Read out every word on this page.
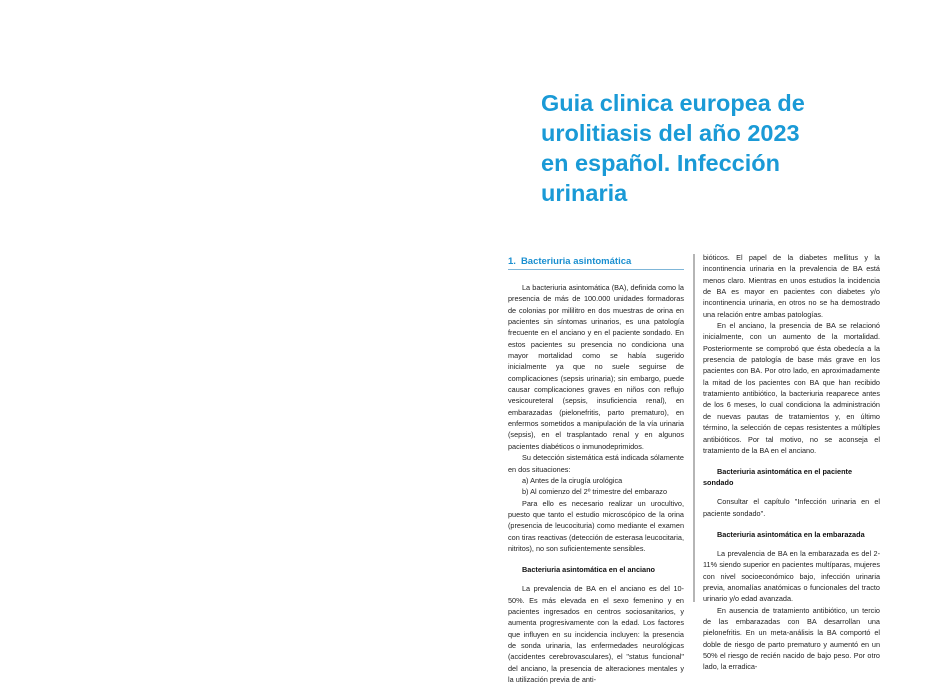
Guia clinica europea de
urolitiasis del año 2023
en español. Infección
urinaria
1. Bacteriuria asintomática

La bacteriuria asintomática (BA), definida como la presencia de más de 100.000 unidades formadoras de colonias por mililitro en dos muestras de orina en pacientes sin síntomas urinarios, es una patología frecuente en el anciano y en el paciente sondado. En estos pacientes su presencia no condiciona una mayor mortalidad como se había sugerido inicialmente ya que no suele seguirse de complicaciones (sepsis urinaria); sin embargo, puede causar complicaciones graves en niños con reflujo vesicoureteral (sepsis, insuficiencia renal), en embarazadas (pielonefritis, parto prematuro), en enfermos sometidos a manipulación de la vía urinaria (sepsis), en el trasplantado renal y en algunos pacientes diabéticos o inmunodeprimidos.

Su detección sistemática está indicada sólamente en dos situaciones:

a) Antes de la cirugía urológica

b) Al comienzo del 2º trimestre del embarazo

Para ello es necesario realizar un urocultivo, puesto que tanto el estudio microscópico de la orina (presencia de leucocituria) como mediante el examen con tiras reactivas (detección de esterasa leucocitaria, nitritos), no son suficientemente sensibles.

Bacteriuria asintomática en el anciano

La prevalencia de BA en el anciano es del 10-50%. Es más elevada en el sexo femenino y en pacientes ingresados en centros sociosanitarios, y aumenta progresivamente con la edad. Los factores que influyen en su incidencia incluyen: la presencia de sonda urinaria, las enfermedades neurológicas (accidentes cerebrovasculares), el "status funcional" del anciano, la presencia de alteraciones mentales y la utilización previa de anti-

bióticos. El papel de la diabetes mellitus y la incontinencia urinaria en la prevalencia de BA está menos claro. Mientras en unos estudios la incidencia de BA es mayor en pacientes con diabetes y/o incontinencia urinaria, en otros no se ha demostrado una relación entre ambas patologías.

En el anciano, la presencia de BA se relacionó inicialmente, con un aumento de la mortalidad. Posteriormente se comprobó que ésta obedecía a la presencia de patología de base más grave en los pacientes con BA. Por otro lado, en aproximadamente la mitad de los pacientes con BA que han recibido tratamiento antibiótico, la bacteriuria reaparece antes de los 6 meses, lo cual condiciona la administración de nuevas pautas de tratamientos y, en último término, la selección de cepas resistentes a múltiples antibióticos. Por tal motivo, no se aconseja el tratamiento de la BA en el anciano.

Bacteriuria asintomática en el paciente sondado

Consultar el capítulo "Infección urinaria en el paciente sondado".

Bacteriuria asintomática en la embarazada

La prevalencia de BA en la embarazada es del 2-11% siendo superior en pacientes multíparas, mujeres con nivel socioeconómico bajo, infección urinaria previa, anomalías anatómicas o funcionales del tracto urinario y/o edad avanzada.

En ausencia de tratamiento antibiótico, un tercio de las embarazadas con BA desarrollan una pielonefritis. En un meta-análisis la BA comportó el doble de riesgo de parto prematuro y aumentó en un 50% el riesgo de recién nacido de bajo peso. Por otro lado, la erradica-
